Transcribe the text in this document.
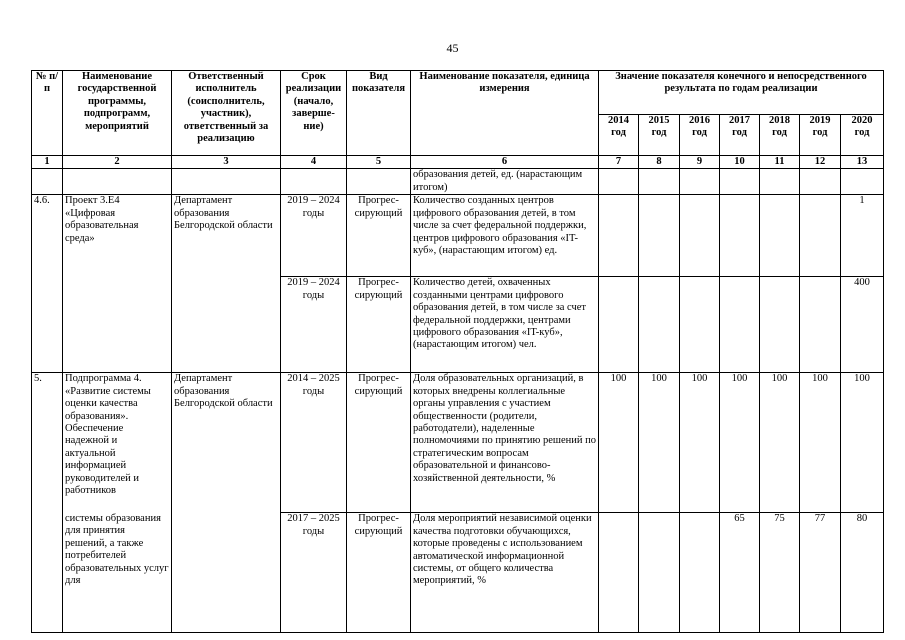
45
№ п/п	Наименование государственной программы, подпрограмм, мероприятий	Ответственный исполнитель (соисполнитель, участник), ответственный за реализацию	Срок реализации (начало, заверше- ние)	Вид показателя	Наименование показателя, единица измерения	Значение показателя конечного и непосредственного результата по годам реализации						
						2014 год	2015 год	2016 год	2017 год	2018 год	2019 год	2020 год
1	2	3	4	5	6	7	8	9	10	11	12	13
					образования детей, ед. (нарастающим итогом)							
4.6.	Проект 3.Е4 «Цифровая образовательная среда»	Департамент образования Белгородской области	2019 – 2024 годы	Прогрес- сирующий	Количество созданных центров цифрового образования детей, в том числе за счет федеральной поддержки, центров цифрового образования «IT-куб», (нарастающим итогом) ед.							1
			2019 – 2024 годы	Прогрес- сирующий	Количество детей, охваченных созданными центрами цифрового образования детей, в том числе за счет федеральной поддержки, центрами цифрового образования «IT-куб», (нарастающим итогом) чел.							400
5.	Подпрограмма 4. «Развитие системы оценки качества образования». Обеспечение надежной и актуальной информацией руководителей и работников	Департамент образования Белгородской области	2014 – 2025 годы	Прогрес- сирующий	Доля образовательных организаций, в которых внедрены коллегиальные органы управления с участием общественности (родители, работодатели), наделенные полномочиями по принятию решений по стратегическим вопросам образовательной и финансово-хозяйственной деятельности, %	100	100	100	100	100	100	100
	системы образования для принятия решений, а также потребителей образовательных услуг для		2017 – 2025 годы	Прогрес- сирующий	Доля мероприятий независимой оценки качества подготовки обучающихся, которые проведены с использованием автоматической информационной системы, от общего количества мероприятий, %				65	75	77	80
